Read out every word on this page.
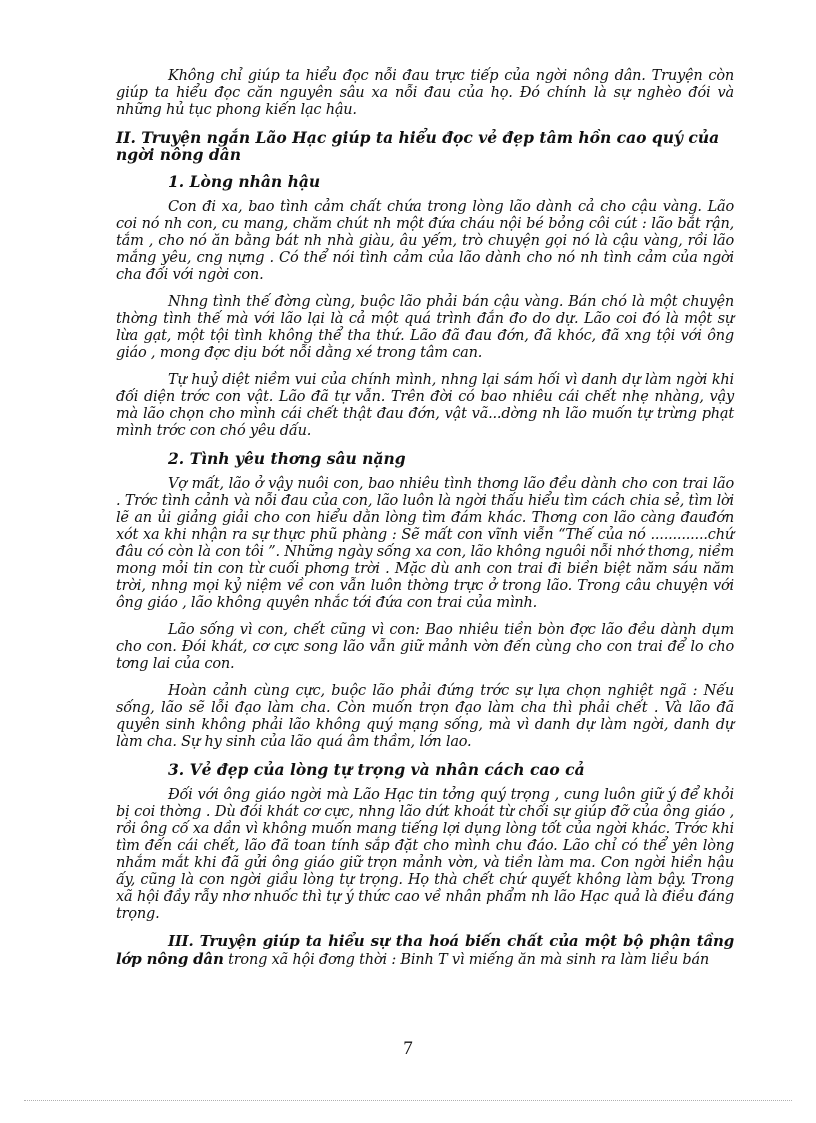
Không chỉ giúp ta hiểu đọc nỗi đau trực tiếp của ngời nông dân. Truyện còn giúp ta hiểu đọc căn nguyên sâu xa nỗi đau của họ. Đó chính là sự nghèo đói và những hủ tục phong kiến lạc hậu.

II. Truyện ngắn Lão Hạc giúp ta hiểu đọc vẻ đẹp tâm hồn cao quý của ngời nông dân
1. Lòng nhân hậu

Con đi xa, bao tình cảm chất chứa trong lòng lão dành cả cho cậu vàng. Lão coi nó nh con, cu mang, chăm chút nh một đứa cháu nội bé bỏng côi cút : lão bắt rận, tắm , cho nó ăn bằng bát nh nhà giàu, âu yếm, trò chuyện gọi nó là cậu vàng, rồi lão mắng yêu, cng nựng . Có thể nói tình cảm của lão dành cho nó nh tình cảm của ngời cha đối với ngời con.

Nhng tình thế đờng cùng, buộc lão phải bán cậu vàng. Bán chó là một chuyện thờng tình thế mà với lão lại là cả một quá trình đắn đo do dự. Lão coi đó là một sự lừa gạt, một tội tình không thể tha thứ. Lão đã đau đớn, đã khóc, đã xng tội với ông giáo , mong đợc dịu bớt nỗi dằng xé trong tâm can.

Tự huỷ diệt niềm vui của chính mình, nhng lại sám hối vì danh dự làm ngời khi đối diện trớc con vật. Lão đã tự vẫn. Trên đời có bao nhiêu cái chết nhẹ nhàng, vậy mà lão chọn cho mình cái chết thật đau đớn, vật vã...dờng nh lão muốn tự trừng phạt mình trớc con chó yêu dấu.

2. Tình yêu thơng sâu nặng

Vợ mất, lão ở vậy nuôi con, bao nhiêu tình thơng lão đều dành cho con trai lão . Trớc tình cảnh và nỗi đau của con, lão luôn là ngời thấu hiểu tìm cách chia sẻ, tìm lời lẽ an ủi giảng giải cho con hiểu dằn lòng tìm đám khác. Thơng con lão càng đauđớn xót xa khi nhận ra sự thực phũ phàng : Sẽ mất con vĩnh viễn “Thế của nó .............chứ đâu có còn là con tôi ”. Những ngày sống xa con, lão không nguôi nỗi nhớ thơng, niềm mong mỏi tin con từ cuối phơng trời . Mặc dù anh con trai đi biền biệt năm sáu năm trời, nhng mọi kỷ niệm về con vẫn luôn thờng trực ở trong lão. Trong câu chuyện với ông giáo , lão không quyên nhắc tới đứa con trai của mình.

Lão sống vì con, chết cũng vì con: Bao nhiêu tiền bòn đợc lão đều dành dụm cho con. Đói khát, cơ cực song lão vẫn giữ mảnh vờn đến cùng cho con trai để lo cho tơng lai của con.

Hoàn cảnh cùng cực, buộc lão phải đứng trớc sự lựa chọn nghiệt ngã : Nếu sống, lão sẽ lỗi đạo làm cha. Còn muốn trọn đạo làm cha thì phải chết . Và lão đã quyên sinh không phải lão không quý mạng sống, mà vì danh dự làm ngời, danh dự làm cha. Sự hy sinh của lão quá âm thầm, lớn lao.

3. Vẻ đẹp của lòng tự trọng và nhân cách cao cả

Đối với ông giáo ngời mà Lão Hạc tin tởng quý trọng , cung luôn giữ ý để khỏi bị coi thờng . Dù đói khát cơ cực, nhng lão dứt khoát từ chối sự giúp đỡ của ông giáo , rồi ông cố xa dần vì không muốn mang tiếng lợi dụng lòng tốt của ngời khác. Trớc khi tìm đến cái chết, lão đã toan tính sắp đặt cho mình chu đáo. Lão chỉ có thể yên lòng nhắm mắt khi đã gửi ông giáo giữ trọn mảnh vờn, và tiền làm ma. Con ngời hiền hậu ấy, cũng là con ngời giầu lòng tự trọng. Họ thà chết chứ quyết không làm bậy. Trong xã hội đầy rẫy nhơ nhuốc thì tự ý thức cao về nhân phẩm nh lão Hạc quả là điều đáng trọng.

III. Truyện giúp ta hiểu sự tha hoá biến chất của một bộ phận tầng lớp nông dân trong xã hội đơng thời : Binh T vì miếng ăn mà sinh ra làm liều bán

7
